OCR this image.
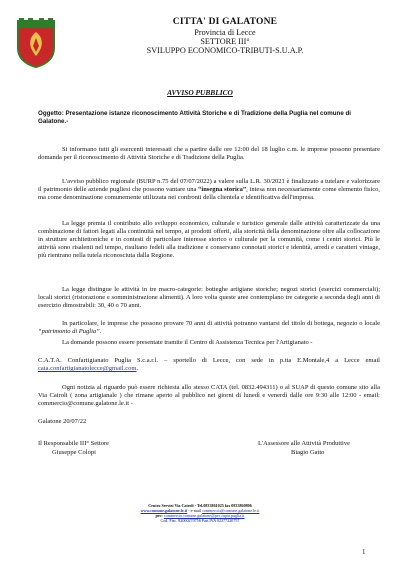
CITTA' DI GALATONE
Provincia di Lecce
SETTORE III°
SVILUPPO ECONOMICO-TRIBUTI-S.U.A.P.
AVVISO PUBBLICO
Oggetto: Presentazione istanze riconoscimento Attività Storiche e di Tradizione della Puglia nel comune di Galatone.-

Si informano tutti gli esercenti interessati che a partire dalle ore 12:00 del 18 luglio c.m. le imprese possono presentare domanda per il riconoscimento di Attività Storiche e di Tradizione della Puglia.

L'avviso pubblico regionale (BURP n.75 del 07/07/2022) a valere sulla L.R. 30/2021 è finalizzato a tutelare e valorizzare il patrimonio delle aziende pugliesi che possono vantare una “insegna storica”, intesa non necessariamente come elemento fisico, ma come denominazione comunemente utilizzata nei confronti della clientela e identificativa dell'impresa.

La legge premia il contributo allo sviluppo economico, culturale e turistico generale dalle attività caratterizzate da una combinazione di fattori legati alla continuità nel tempo, ai prodotti offerti, alla storicità della denominazione oltre alla collocazione in strutture architettoniche e in contesti di particolare interesse storico o culturale per la comunità, come i centri storici. Più le attività sono risalenti nel tempo, risultano fedeli alla tradizione e conservano connotati storici e identità, arredi e caratteri vintage, più rientrano nella tutela riconosciuta dalla Regione.

La legge distingue le attività in tre macro-categorie: botteghe artigiane storiche; negozi storici (esercizi commerciali); locali storici (ristorazione e somministrazione alimenti). A loro volta queste aree contemplano tre categorie a seconda degli anni di esercizio dimostrabili: 30, 40 o 70 anni.

In particolare, le imprese che possono provare 70 anni di attività potranno vantarsi del titolo di bottega, negozio o locale “patrimonio di Puglia”.

La domande possono essere presentate tramite il Centro di Assistenza Tecnica per l'Artigianato -

C.A.T.A. Confartigianato Puglia S.c.a.r.l. – sportello di Lecce, con sede in p.tta E.Montale,4 a Lecce email cata.confartigianatolecce@gmail.com.

Ogni notizia al riguardo può essere richiesta allo stesso CATA (tel. 0832.494311) o al SUAP di questo comune sito alla Via Cairoli ( zona artigianale ) che rimane aperto al pubblico nei giorni di lunedì e venerdì dalle ore 9:30 alle 12:00 - email: commercio@comune.galatone.le.it -

Galatone 20/07/22
Il Responsabile III° Settore
Giuseppe Colopi
L'Assessore alle Attività Produttive
Biagio Gatto
Centro Servizi Via Cairoli - Tel.0833861025 fax 0833860806
www.comune.galatone.le.it - e-mail commercio@comune.galatone.le.it
pec: commercio.comune.galatone@pec.rupar.puglia.it
Cod. Fisc. 82000270756 Part.IVA 02377220757
1
